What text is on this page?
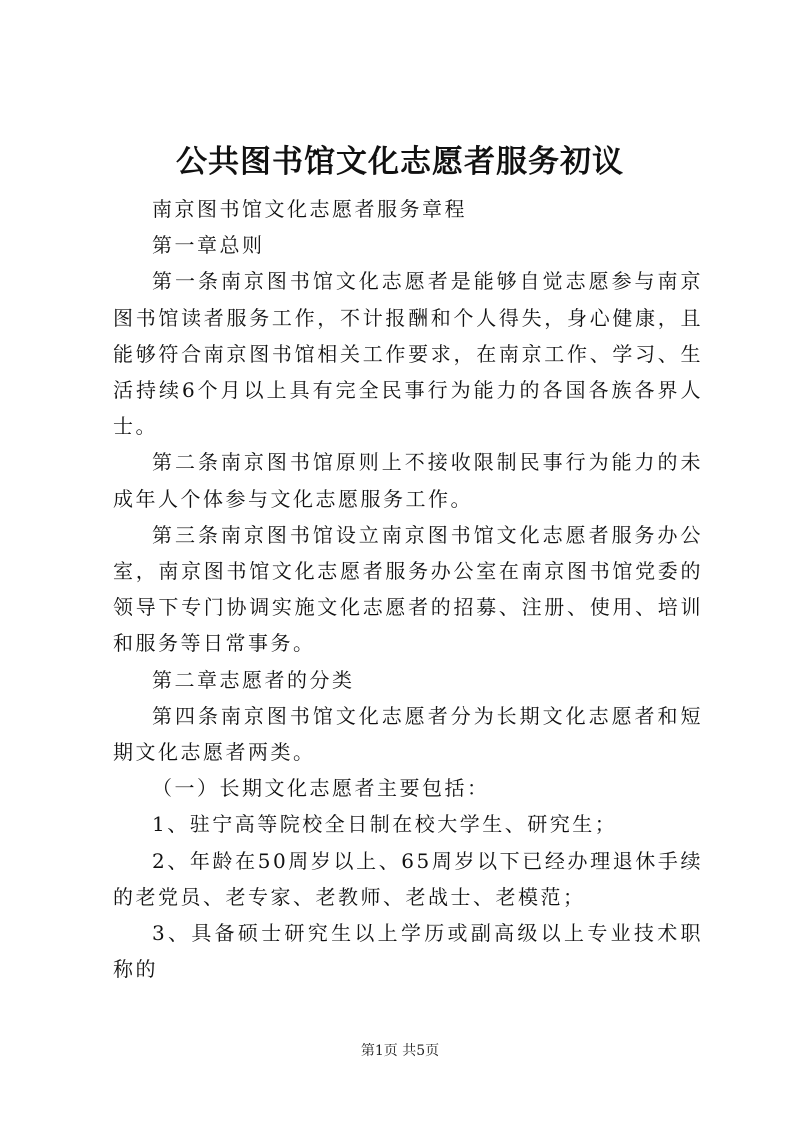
公共图书馆文化志愿者服务初议

南京图书馆文化志愿者服务章程

第一章总则

第一条南京图书馆文化志愿者是能够自觉志愿参与南京图书馆读者服务工作，不计报酬和个人得失，身心健康，且能够符合南京图书馆相关工作要求，在南京工作、学习、生活持续6个月以上具有完全民事行为能力的各国各族各界人士。

第二条南京图书馆原则上不接收限制民事行为能力的未成年人个体参与文化志愿服务工作。

第三条南京图书馆设立南京图书馆文化志愿者服务办公室，南京图书馆文化志愿者服务办公室在南京图书馆党委的领导下专门协调实施文化志愿者的招募、注册、使用、培训和服务等日常事务。

第二章志愿者的分类

第四条南京图书馆文化志愿者分为长期文化志愿者和短期文化志愿者两类。

（一）长期文化志愿者主要包括：

1、驻宁高等院校全日制在校大学生、研究生；

2、年龄在50周岁以上、65周岁以下已经办理退休手续的老党员、老专家、老教师、老战士、老模范；

3、具备硕士研究生以上学历或副高级以上专业技术职称的

第1页 共5页
